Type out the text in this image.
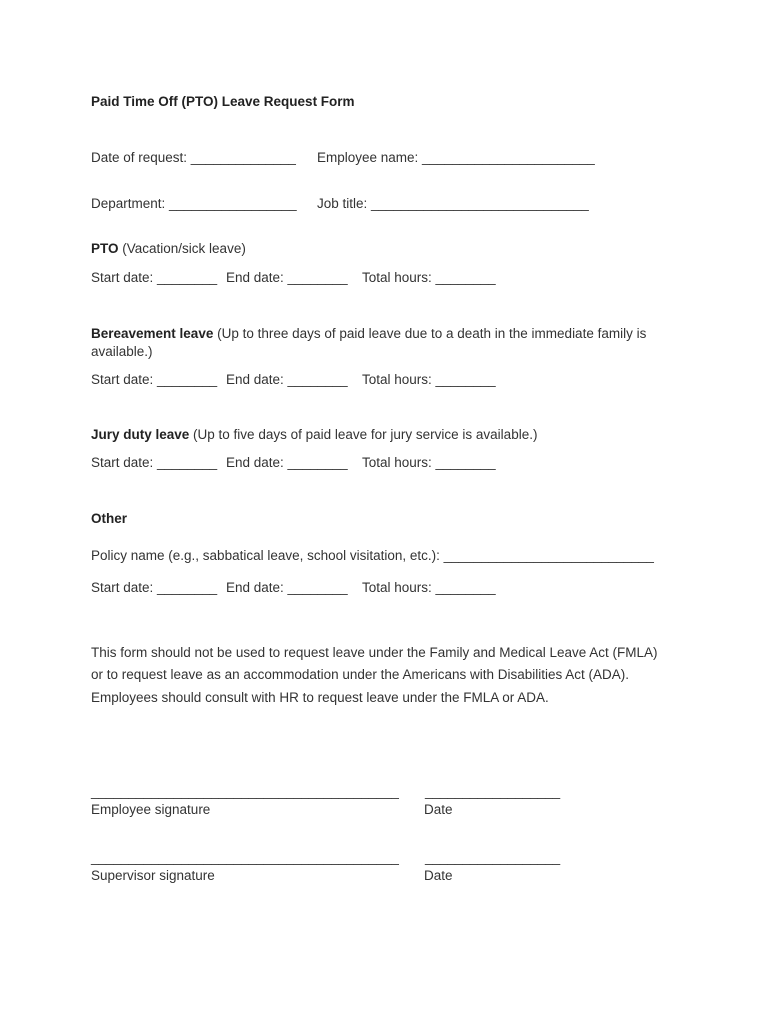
Paid Time Off (PTO) Leave Request Form
Date of request: ______________ Employee name: _______________________
Department: _________________ Job title: _____________________________
PTO (Vacation/sick leave)
Start date: ________ End date: ________ Total hours: ________
Bereavement leave (Up to three days of paid leave due to a death in the immediate family is available.)
Start date: ________ End date: ________ Total hours: ________
Jury duty leave (Up to five days of paid leave for jury service is available.)
Start date: ________ End date: ________ Total hours: ________
Other
Policy name (e.g., sabbatical leave, school visitation, etc.): ____________________________
Start date: ________ End date: ________ Total hours: ________
This form should not be used to request leave under the Family and Medical Leave Act (FMLA)
or to request leave as an accommodation under the Americans with Disabilities Act (ADA).
Employees should consult with HR to request leave under the FMLA or ADA.
_________________________________________ __________________
Employee signature	Date
_________________________________________ __________________
Supervisor signature	Date
